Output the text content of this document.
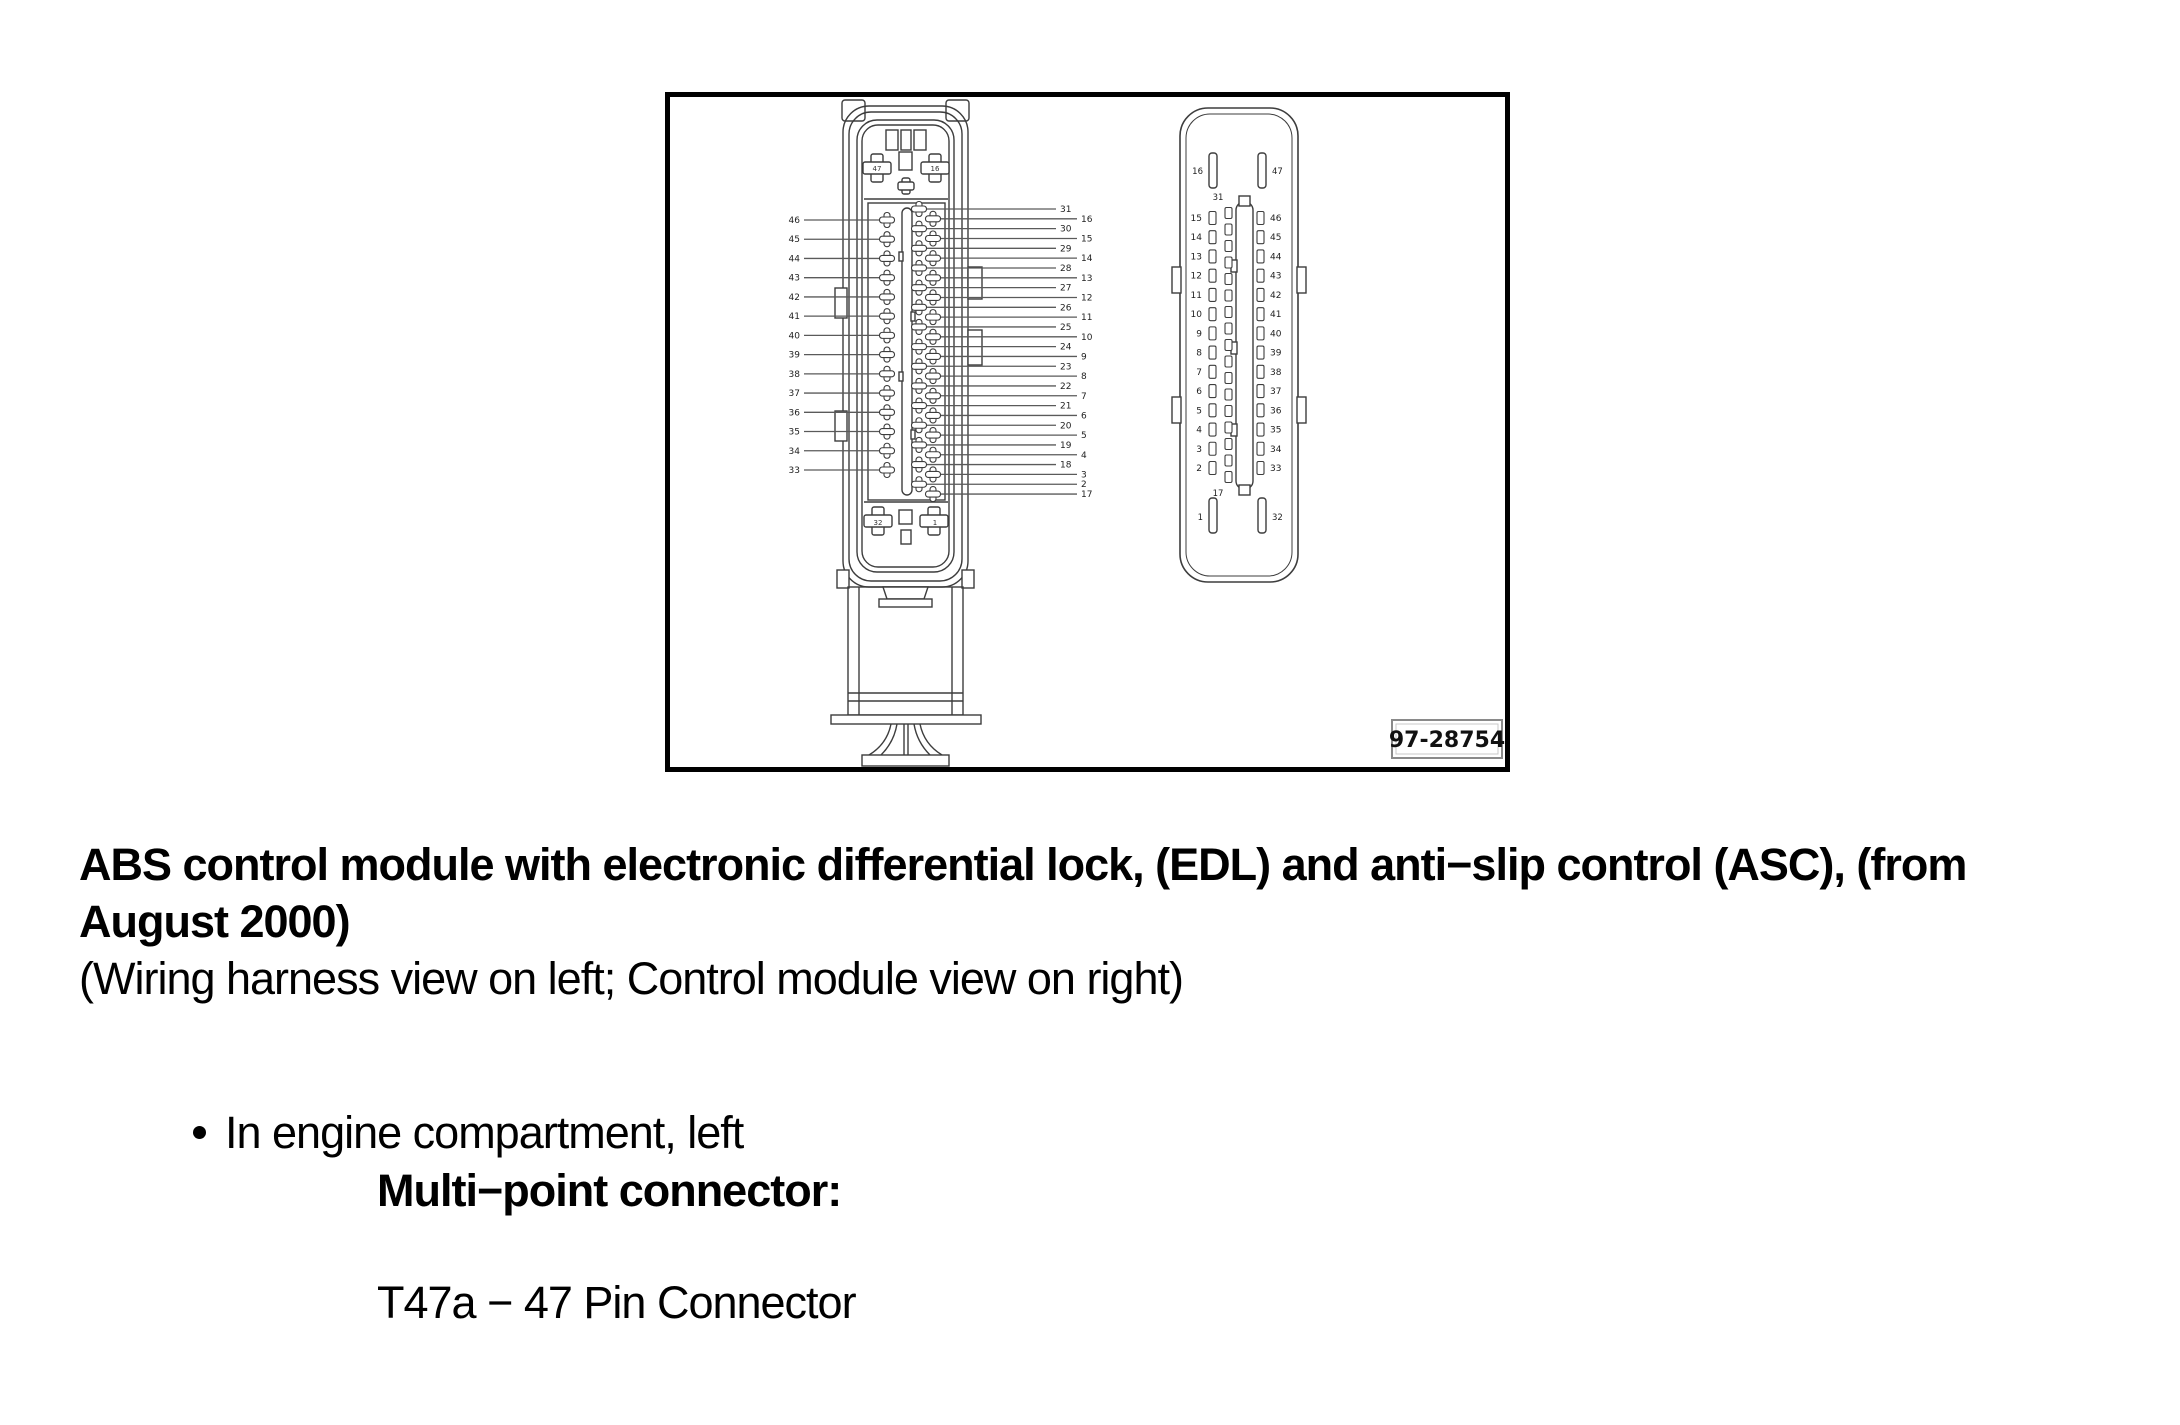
47	16
32	1
46
45
44
43
42
41
40
39
38
37
36
35
34
33
31
16
30
15
29
14
28
13
27
12
26
11
25
10
24
9
23
8
22
7
21
6
20
5
19
4
18
3
2
17
16	47
1	32
31
17
15
14
13
12
11
10
9
8
7
6
5
4
3
2
46
45
44
43
42
41
40
39
38
37
36
35
34
33
97-28754
ABS control module with electronic differential lock, (EDL) and anti−slip control (ASC), (from
August 2000)
(Wiring harness view on left; Control module view on right)
In engine compartment, left
Multi−point connector:
T47a − 47 Pin Connector
